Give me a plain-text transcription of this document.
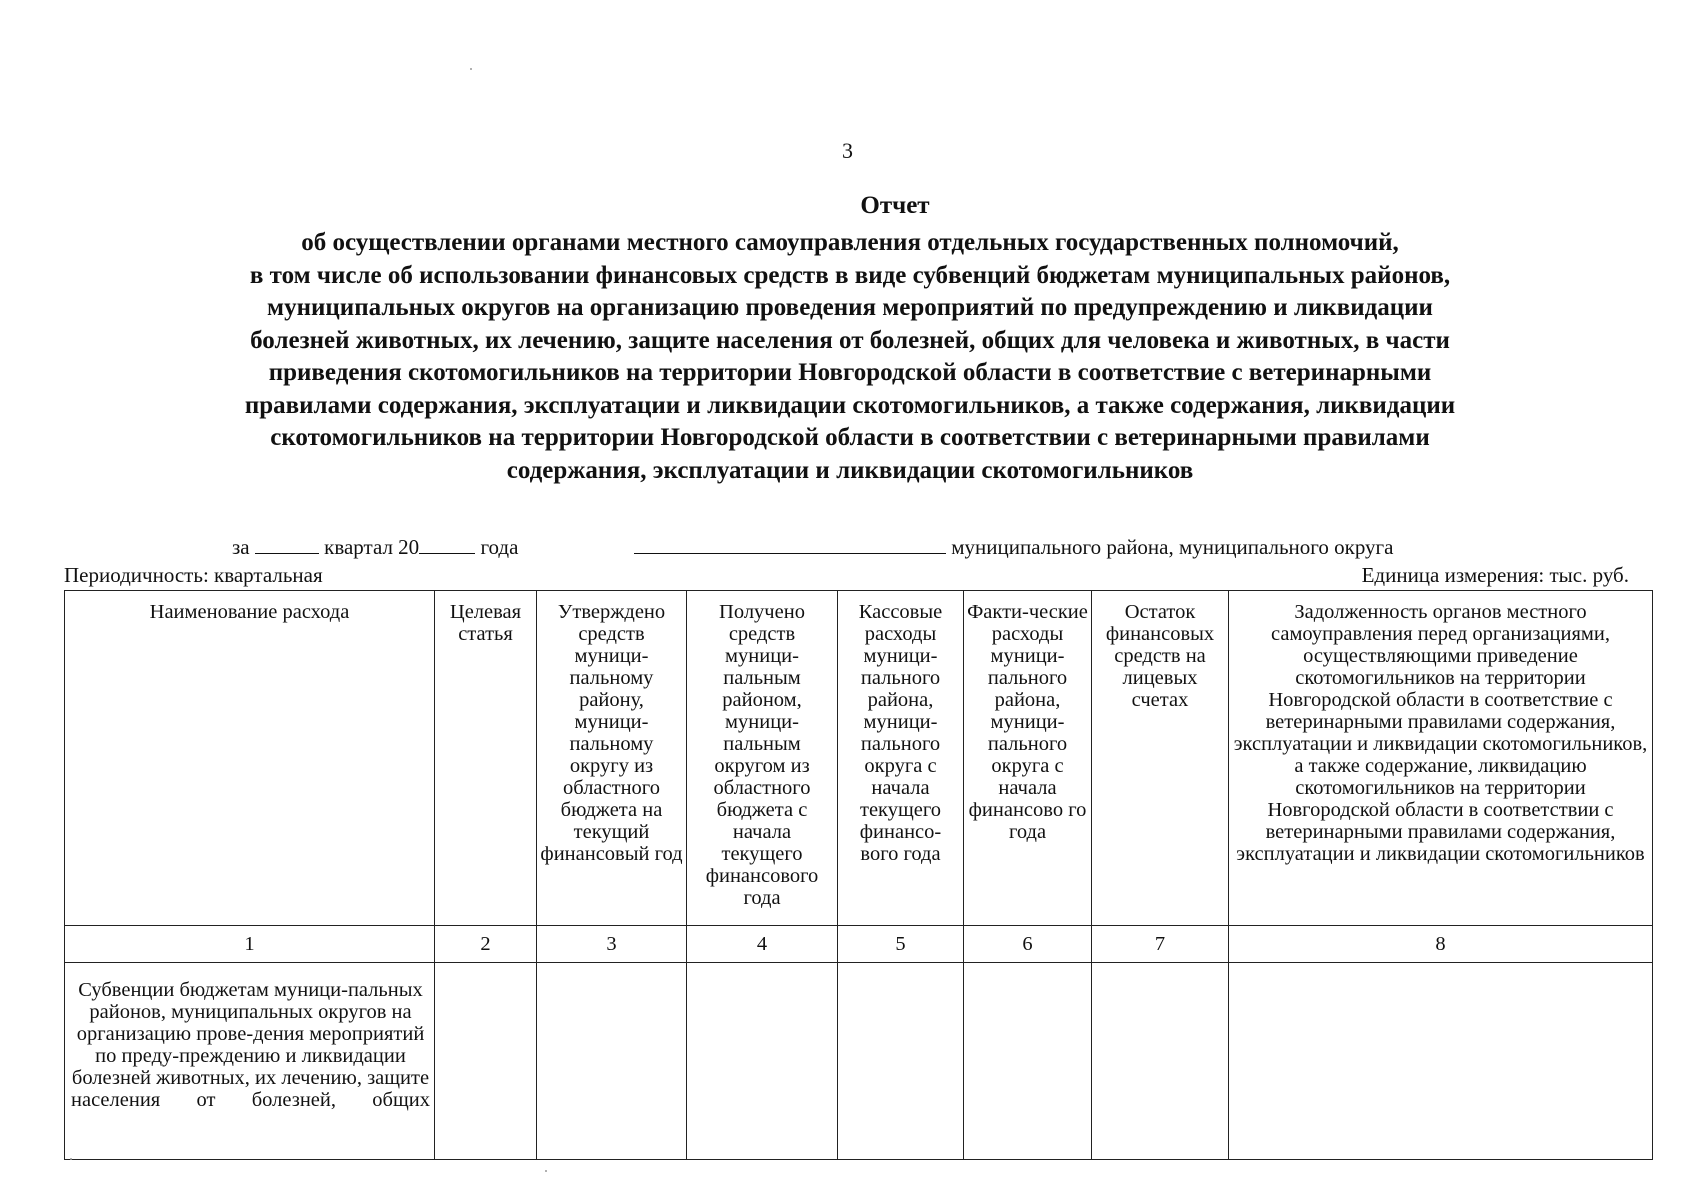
3
Отчет
об осуществлении органами местного самоуправления отдельных государственных полномочий,
в том числе об использовании финансовых средств в виде субвенций бюджетам муниципальных районов,
муниципальных округов на организацию проведения мероприятий по предупреждению и ликвидации
болезней животных, их лечению, защите населения от болезней, общих для человека и животных, в части
приведения скотомогильников на территории Новгородской области в соответствие с ветеринарными
правилами содержания, эксплуатации и ликвидации скотомогильников, а также содержания, ликвидации
скотомогильников на территории Новгородской области в соответствии с ветеринарными правилами
содержания, эксплуатации и ликвидации скотомогильников
за	квартал 20	года	муниципального района, муниципального округа
Периодичность: квартальная	Единица измерения: тыс. руб.
Наименование расхода	Целевая статья	Утверждено средств муници-пальному району, муници-пальному округу из областного бюджета на текущий финансовый год	Получено средств муници-пальным районом, муници-пальным округом из областного бюджета с начала текущего финансового года	Кассовые расходы муници-пального района, муници-пального округа с начала текущего финансо-вого года	Факти-ческие расходы муници-пального района, муници-пального округа с начала финансово го года	Остаток финансовых средств на лицевых счетах	Задолженность органов местного самоуправления перед организациями, осуществляющими приведение скотомогильников на территории Новгородской области в соответствие с ветеринарными правилами содержания, эксплуатации и ликвидации скотомогильников, а также содержание, ликвидацию скотомогильников на территории Новгородской области в соответствии с ветеринарными правилами содержания, эксплуатации и ликвидации скотомогильников
1	2	3	4	5	6	7	8
Субвенции бюджетам муници-пальных районов, муниципальных округов на организацию прове-дения мероприятий по преду-преждению и ликвидации болезней животных, их лечению, защите населения от болезней, общих							
